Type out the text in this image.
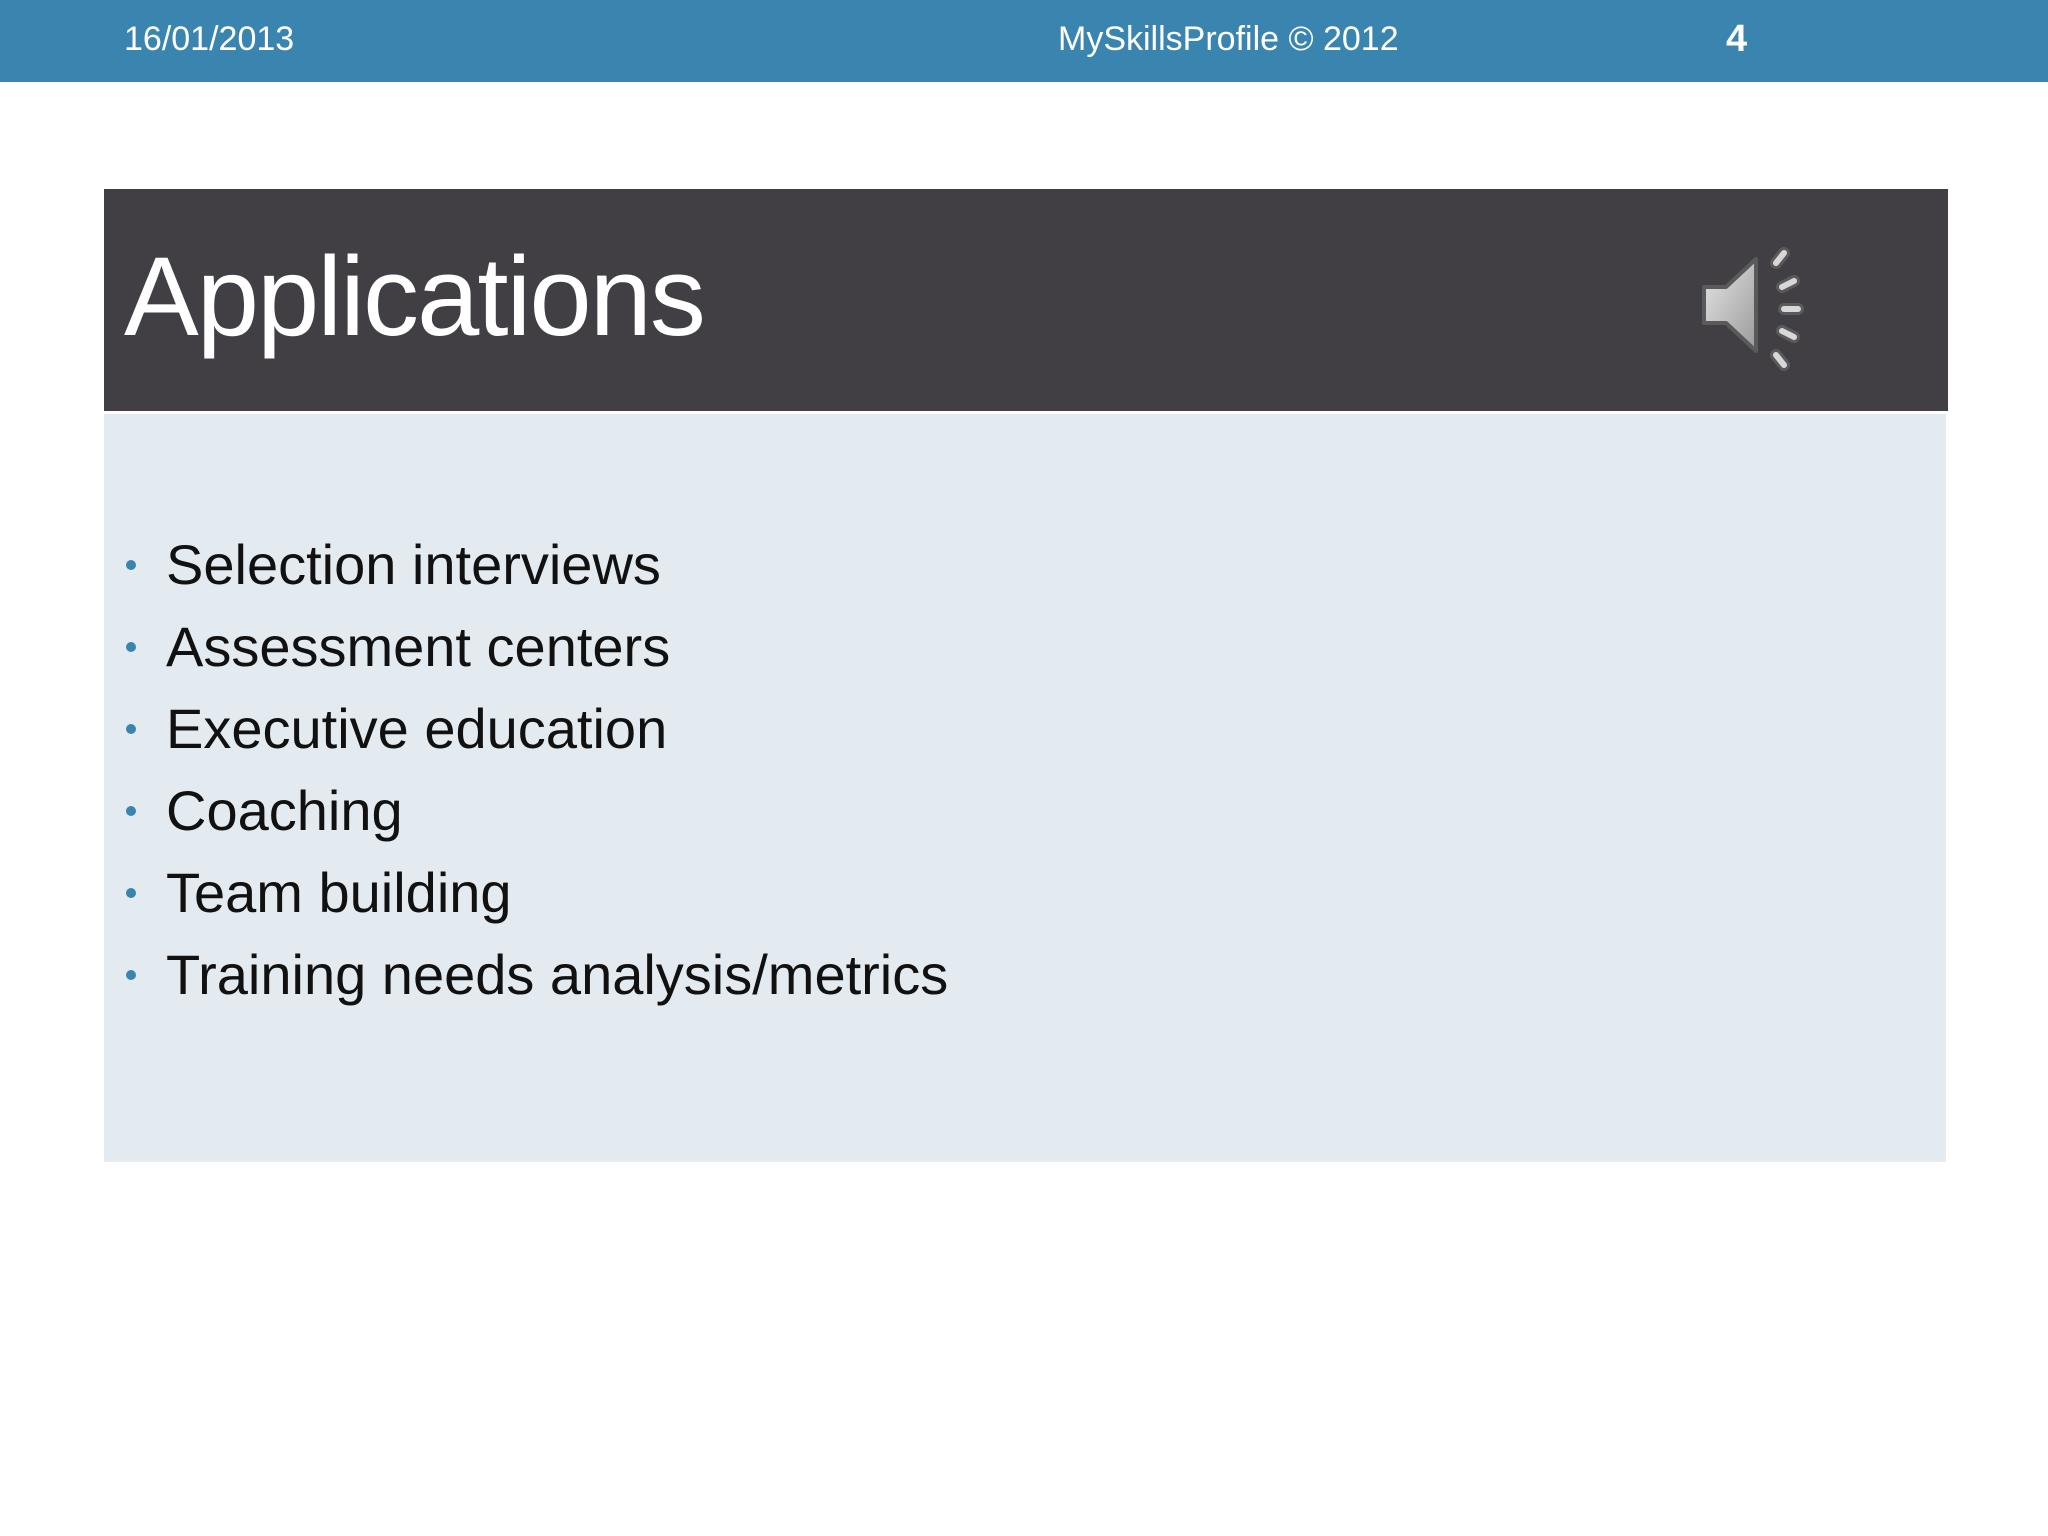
16/01/2013	MySkillsProfile © 2012	4
Applications
Selection interviews
Assessment centers
Executive education
Coaching
Team building
Training needs analysis/metrics
